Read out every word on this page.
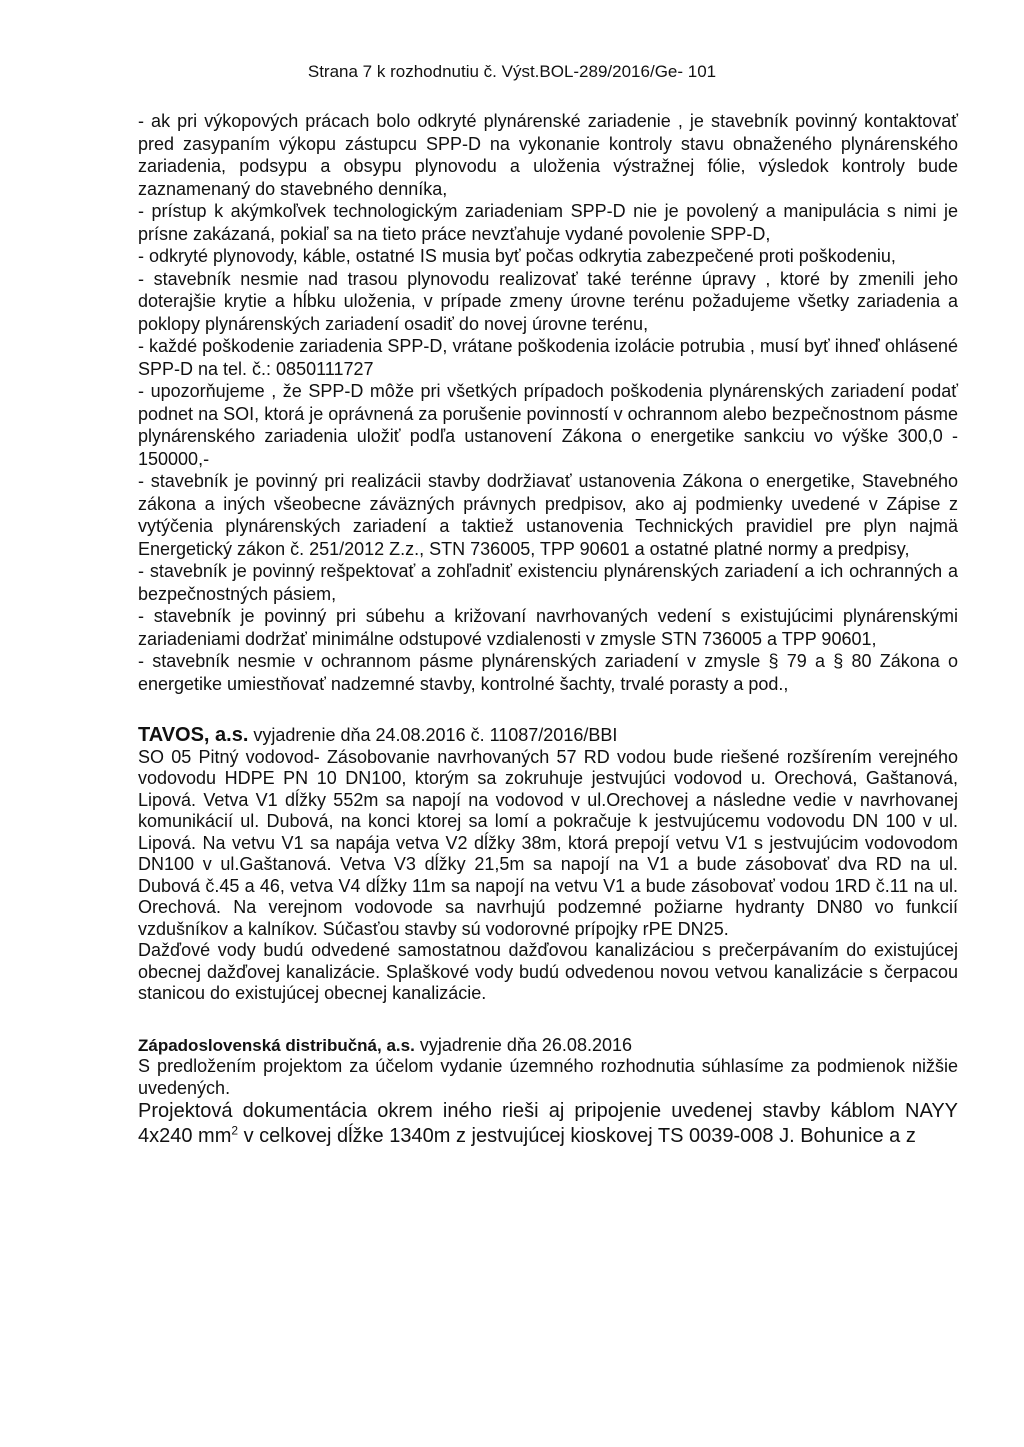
Strana 7 k rozhodnutiu č. Výst.BOL-289/2016/Ge- 101

- ak pri výkopových prácach bolo odkryté plynárenské zariadenie , je stavebník povinný kontaktovať pred zasypaním výkopu zástupcu SPP-D na vykonanie kontroly stavu obnaženého plynárenského zariadenia, podsypu a obsypu plynovodu a uloženia výstražnej fólie, výsledok kontroly bude zaznamenaný do stavebného denníka,

- prístup k akýmkoľvek technologickým zariadeniam SPP-D nie je povolený a manipulácia s nimi je prísne zakázaná, pokiaľ sa na tieto práce nevzťahuje vydané povolenie SPP-D,

- odkryté plynovody, káble, ostatné IS musia byť počas odkrytia zabezpečené proti poškodeniu,

- stavebník nesmie nad trasou plynovodu realizovať také terénne úpravy , ktoré by zmenili jeho doterajšie krytie a hĺbku uloženia, v prípade zmeny úrovne terénu požadujeme všetky zariadenia a poklopy plynárenských zariadení osadiť do novej úrovne terénu,

- každé poškodenie zariadenia SPP-D, vrátane poškodenia izolácie potrubia , musí byť ihneď ohlásené SPP-D na tel. č.: 0850111727

- upozorňujeme , že SPP-D môže pri všetkých prípadoch poškodenia plynárenských zariadení podať podnet na SOI, ktorá je oprávnená za porušenie povinností v ochrannom alebo bezpečnostnom pásme plynárenského zariadenia uložiť podľa ustanovení Zákona o energetike sankciu vo výške 300,0 - 150000,-

- stavebník je povinný pri realizácii stavby dodržiavať ustanovenia Zákona o energetike, Stavebného zákona a iných všeobecne záväzných právnych predpisov, ako aj podmienky uvedené v Zápise z vytýčenia plynárenských zariadení a taktiež ustanovenia Technických pravidiel pre plyn najmä Energetický zákon č. 251/2012 Z.z., STN 736005, TPP 90601 a ostatné platné normy a predpisy,

- stavebník je povinný rešpektovať a zohľadniť existenciu plynárenských zariadení a ich ochranných a bezpečnostných pásiem,

- stavebník je povinný pri súbehu a križovaní navrhovaných vedení s existujúcimi plynárenskými zariadeniami dodržať minimálne odstupové vzdialenosti v zmysle STN 736005 a TPP 90601,

- stavebník nesmie v ochrannom pásme plynárenských zariadení v zmysle § 79 a § 80 Zákona o energetike umiestňovať nadzemné stavby, kontrolné šachty, trvalé porasty a pod.,

TAVOS, a.s. vyjadrenie dňa 24.08.2016 č. 11087/2016/BBI

SO 05 Pitný vodovod- Zásobovanie navrhovaných 57 RD vodou bude riešené rozšírením verejného vodovodu HDPE PN 10 DN100, ktorým sa zokruhuje jestvujúci vodovod u. Orechová, Gaštanová, Lipová. Vetva V1 dĺžky 552m sa napojí na vodovod v ul.Orechovej a následne vedie v navrhovanej komunikácií ul. Dubová, na konci ktorej sa lomí a pokračuje k jestvujúcemu vodovodu DN 100 v ul. Lipová. Na vetvu V1 sa napája vetva V2 dĺžky 38m, ktorá prepojí vetvu V1 s jestvujúcim vodovodom DN100 v ul.Gaštanová. Vetva V3 dĺžky 21,5m sa napojí na V1 a bude zásobovať dva RD na ul. Dubová č.45 a 46, vetva V4 dĺžky 11m sa napojí na vetvu V1 a bude zásobovať vodou 1RD č.11 na ul. Orechová. Na verejnom vodovode sa navrhujú podzemné požiarne hydranty DN80 vo funkcií vzdušníkov a kalníkov. Súčasťou stavby sú vodorovné prípojky rPE DN25.

Dažďové vody budú odvedené samostatnou dažďovou kanalizáciou s prečerpávaním do existujúcej obecnej dažďovej kanalizácie. Splaškové vody budú odvedenou novou vetvou kanalizácie s čerpacou stanicou do existujúcej obecnej kanalizácie.

Západoslovenská distribučná, a.s. vyjadrenie dňa 26.08.2016

S predložením projektom za účelom vydanie územného rozhodnutia súhlasíme za podmienok nižšie uvedených.

Projektová dokumentácia okrem iného rieši aj pripojenie uvedenej stavby káblom NAYY 4x240 $mm^2$ v celkovej dĺžke 1340m z jestvujúcej kioskovej TS 0039-008 J. Bohunice a z
